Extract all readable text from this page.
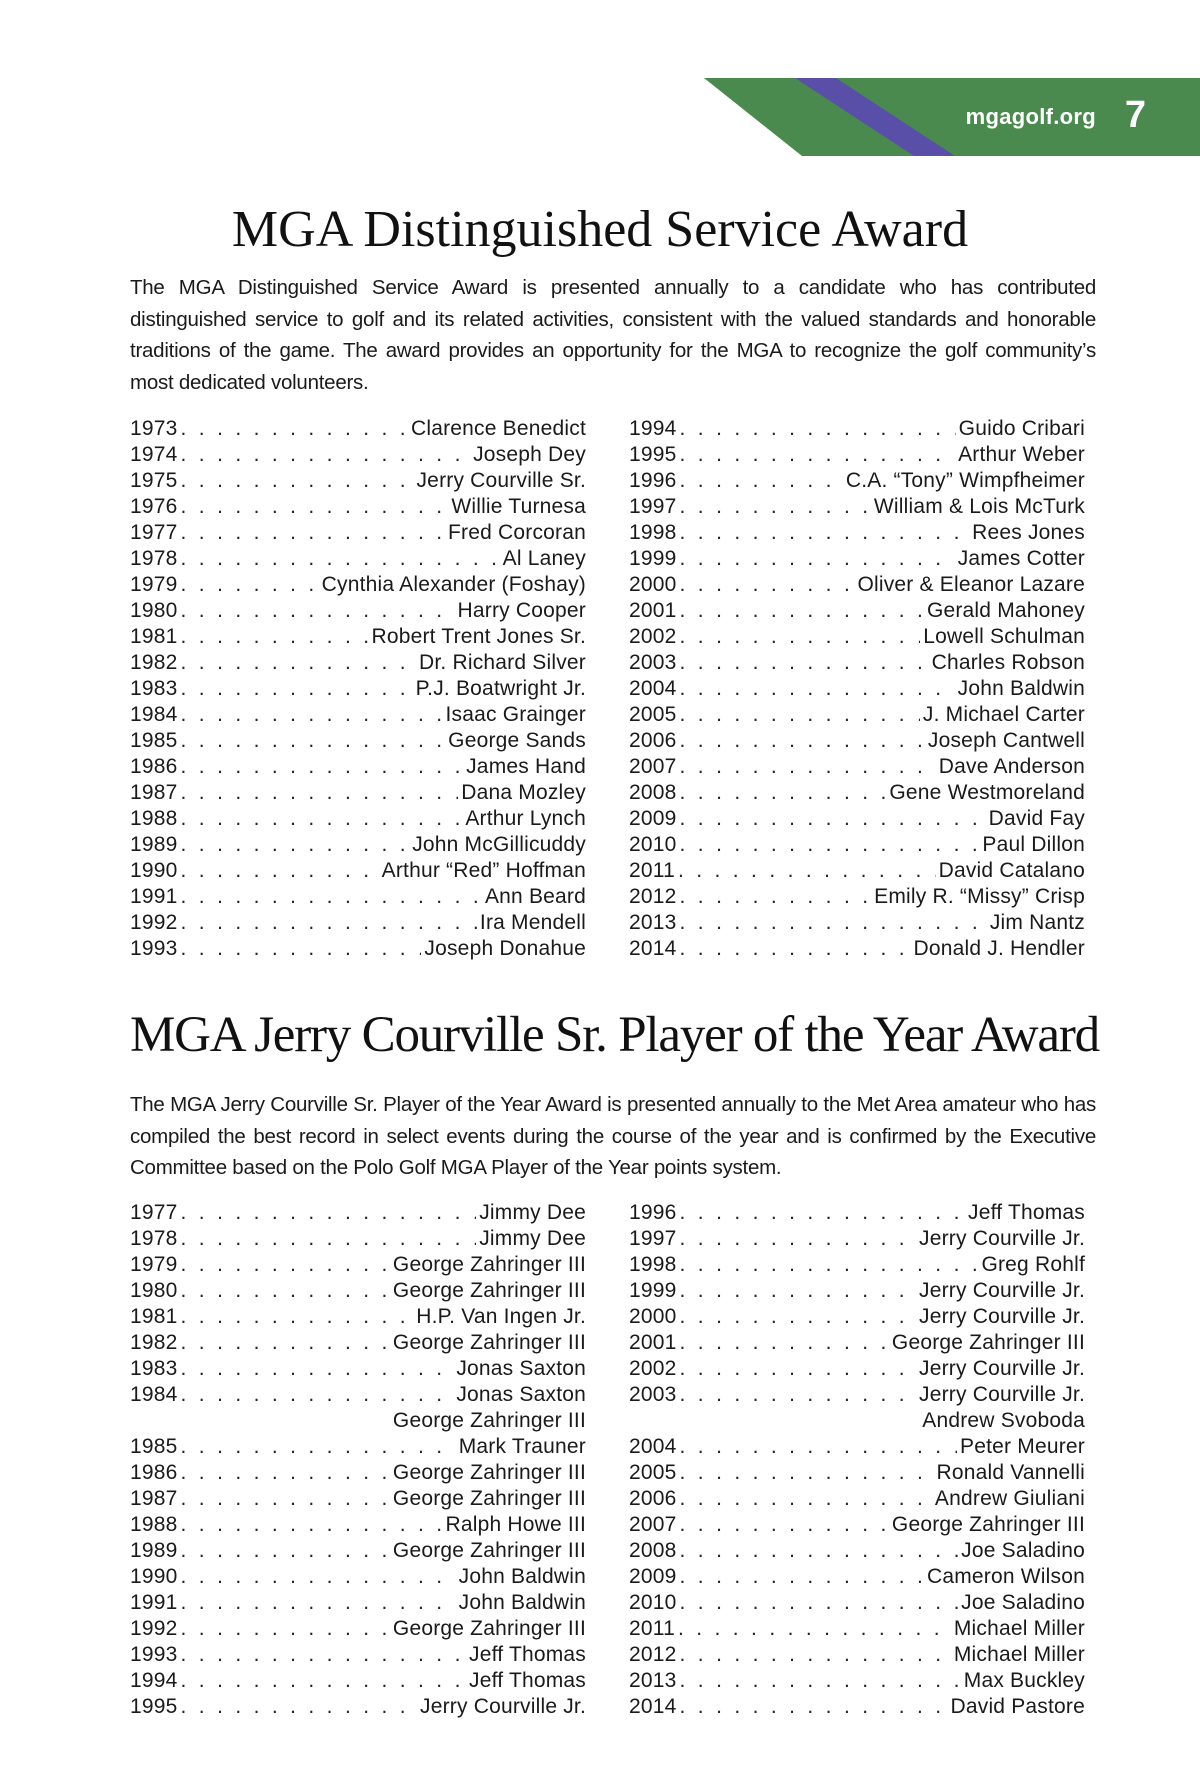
mgagolf.org 7
MGA Distinguished Service Award

The MGA Distinguished Service Award is presented annually to a candidate who has contributed distinguished service to golf and its related activities, consistent with the valued standards and honorable traditions of the game. The award provides an opportunity for the MGA to recognize the golf community’s most dedicated volunteers.

1973 . . .	Clarence Benedict
1974 . . .	Joseph Dey
1975 . . .	Jerry Courville Sr.
1976 . . .	Willie Turnesa
1977 . . .	Fred Corcoran
1978 . . .	Al Laney
1979 . . .	Cynthia Alexander (Foshay)
1980 . . .	Harry Cooper
1981 . . .	Robert Trent Jones Sr.
1982 . . .	Dr. Richard Silver
1983 . . .	P.J. Boatwright Jr.
1984 . . .	Isaac Grainger
1985 . . .	George Sands
1986 . . .	James Hand
1987 . . .	Dana Mozley
1988 . . .	Arthur Lynch
1989 . . .	John McGillicuddy
1990 . . .	Arthur “Red” Hoffman
1991 . . .	Ann Beard
1992 . . .	Ira Mendell
1993 . . .	Joseph Donahue
1994 . . .	Guido Cribari
1995 . . .	Arthur Weber
1996 . . .	C.A. “Tony” Wimpfheimer
1997 . . .	William & Lois McTurk
1998 . . .	Rees Jones
1999 . . .	James Cotter
2000 . . .	Oliver & Eleanor Lazare
2001 . . .	Gerald Mahoney
2002 . . .	Lowell Schulman
2003 . . .	Charles Robson
2004 . . .	John Baldwin
2005 . . .	J. Michael Carter
2006 . . .	Joseph Cantwell
2007 . . .	Dave Anderson
2008 . . .	Gene Westmoreland
2009 . . .	David Fay
2010 . . .	Paul Dillon
2011 . . .	David Catalano
2012 . . .	Emily R. “Missy” Crisp
2013 . . .	Jim Nantz
2014 . . .	Donald J. Hendler
MGA Jerry Courville Sr. Player of the Year Award

The MGA Jerry Courville Sr. Player of the Year Award is presented annually to the Met Area amateur who has compiled the best record in select events during the course of the year and is confirmed by the Executive Committee based on the Polo Golf MGA Player of the Year points system.

1977 . . .	Jimmy Dee
1978 . . .	Jimmy Dee
1979 . . .	George Zahringer III
1980 . . .	George Zahringer III
1981 . . .	H.P. Van Ingen Jr.
1982 . . .	George Zahringer III
1983 . . .	Jonas Saxton
1984 . . .	Jonas Saxton
George Zahringer III
1985 . . .	Mark Trauner
1986 . . .	George Zahringer III
1987 . . .	George Zahringer III
1988 . . .	Ralph Howe III
1989 . . .	George Zahringer III
1990 . . .	John Baldwin
1991 . . .	John Baldwin
1992 . . .	George Zahringer III
1993 . . .	Jeff Thomas
1994 . . .	Jeff Thomas
1995 . . .	Jerry Courville Jr.
1996 . . .	Jeff Thomas
1997 . . .	Jerry Courville Jr.
1998 . . .	Greg Rohlf
1999 . . .	Jerry Courville Jr.
2000 . . .	Jerry Courville Jr.
2001 . . .	George Zahringer III
2002 . . .	Jerry Courville Jr.
2003 . . .	Jerry Courville Jr.
Andrew Svoboda
2004 . . .	Peter Meurer
2005 . . .	Ronald Vannelli
2006 . . .	Andrew Giuliani
2007 . . .	George Zahringer III
2008 . . .	Joe Saladino
2009 . . .	Cameron Wilson
2010 . . .	Joe Saladino
2011 . . .	Michael Miller
2012 . . .	Michael Miller
2013 . . .	Max Buckley
2014 . . .	David Pastore
